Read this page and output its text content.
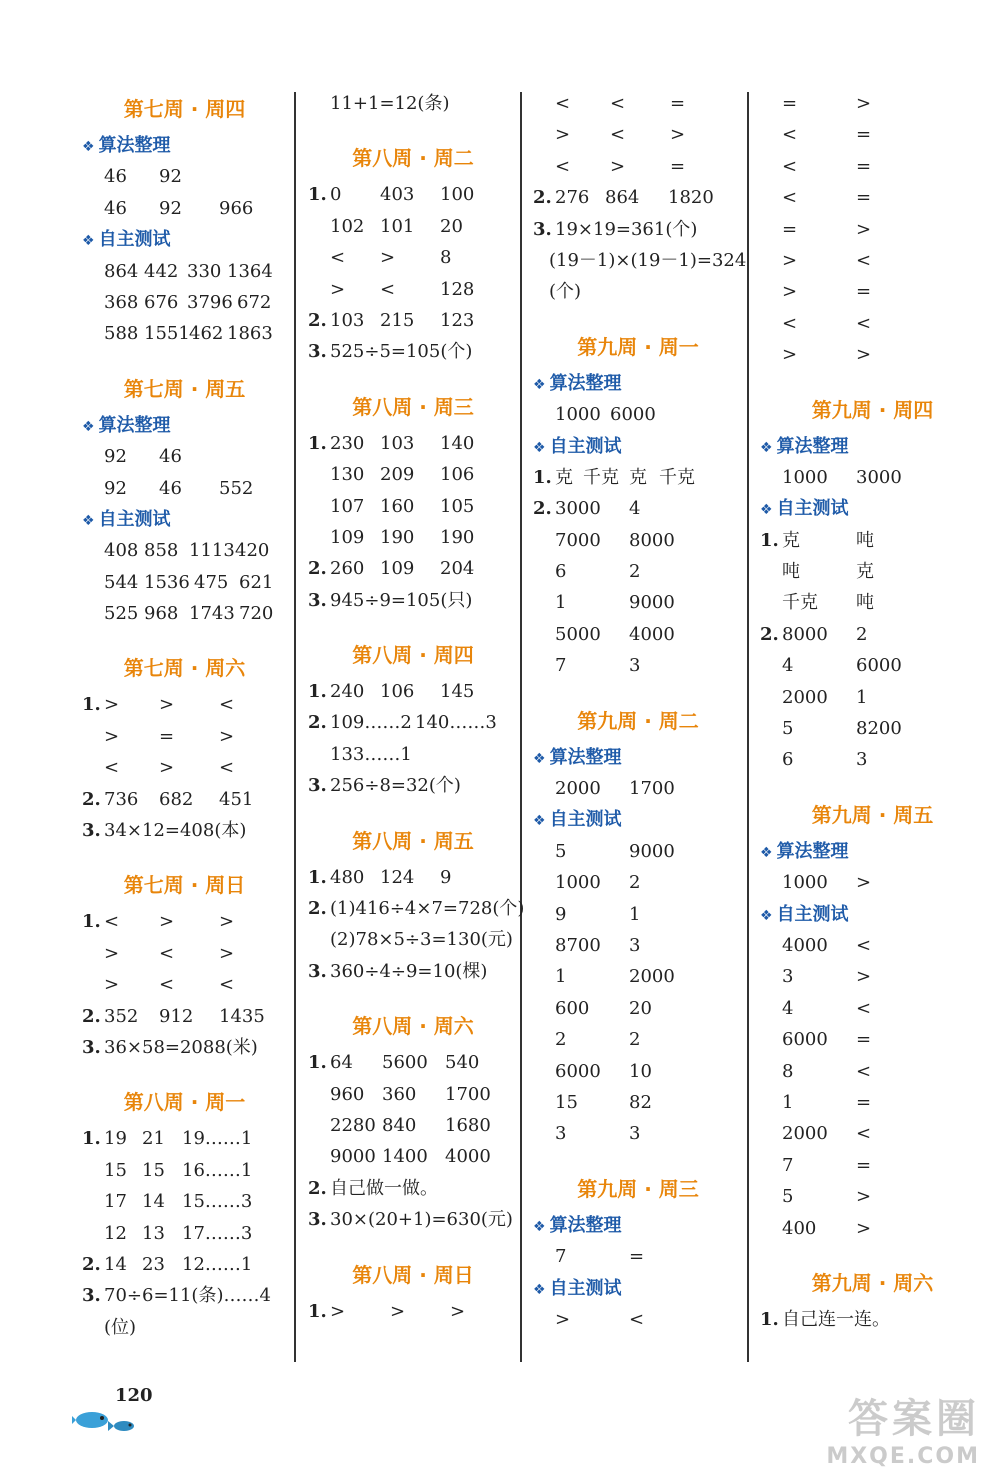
第七周 · 周四
❖ 算法整理
46 92
46 92 966
❖ 自主测试
864 442 330 1364
368 676 3796 672
588 1551462 1863
第七周 · 周五
❖ 算法整理
92 46
92 46 552
❖ 自主测试
408 858 1113420
544 1536 475 621
525 968 1743 720
第七周 · 周六
1. > > <
> = >
< > <
2. 736 682 451
3. 34×12=408(本)
第七周 · 周日
1. < > >
> < >
> < <
2. 352 912 1435
3. 36×58=2088(米)
第八周 · 周一
1. 19 21 19……1
15 15 16……1
17 14 15……3
12 13 17……3
2. 14 23 12……1
3. 70÷6=11(条)……4
(位)
11+1=12(条)
第八周 · 周二
1. 0 403 100
102 101 20
< > 8
> < 128
2. 103 215 123
3. 525÷5=105(个)
第八周 · 周三
1. 230 103 140
130 209 106
107 160 105
109 190 190
2. 260 109 204
3. 945÷9=105(只)
第八周 · 周四
1. 240 106 145
2. 109……2 140……3
133……1
3. 256÷8=32(个)
第八周 · 周五
1. 480 124 9
2. (1)416÷4×7=728(个)
(2)78×5÷3=130(元)
3. 360÷4÷9=10(棵)
第八周 · 周六
1. 64 5600 540
960 360 1700
2280 840 1680
9000 1400 4000
2. 自己做一做。
3. 30×(20+1)=630(元)
第八周 · 周日
1. > > >
< < =
> < >
< > =
2. 276 864 1820
3. 19×19=361(个)
(19－1)×(19－1)=324
(个)
第九周 · 周一
❖ 算法整理
1000 6000
❖ 自主测试
1. 克 千克 克 千克
2. 3000 4
7000 8000
6	2
1	9000
5000 4000
7	3
第九周 · 周二
❖ 算法整理
2000 1700
❖ 自主测试
5	9000
1000 2
9	1
8700 3
1	2000
600 20
2	2
6000 10
15	82
3	3
第九周 · 周三
❖ 算法整理
7	=
❖ 自主测试
>	<
=	>
<	=
<	=
<	=
=	>
>	<
>	=
<	<
>	>
第九周 · 周四
❖ 算法整理
1000 3000
❖ 自主测试
1. 克	吨
吨	克
千克 吨
2. 8000 2
4	6000
2000 1
5	8200
6	3
第九周 · 周五
❖ 算法整理
1000 >
❖ 自主测试
4000 <
3	>
4	<
6000 =
8	<
1	=
2000 <
7	=
5	>
400 >
第九周 · 周六
1. 自己连一连。
120
答案圈
MXQE.COM
